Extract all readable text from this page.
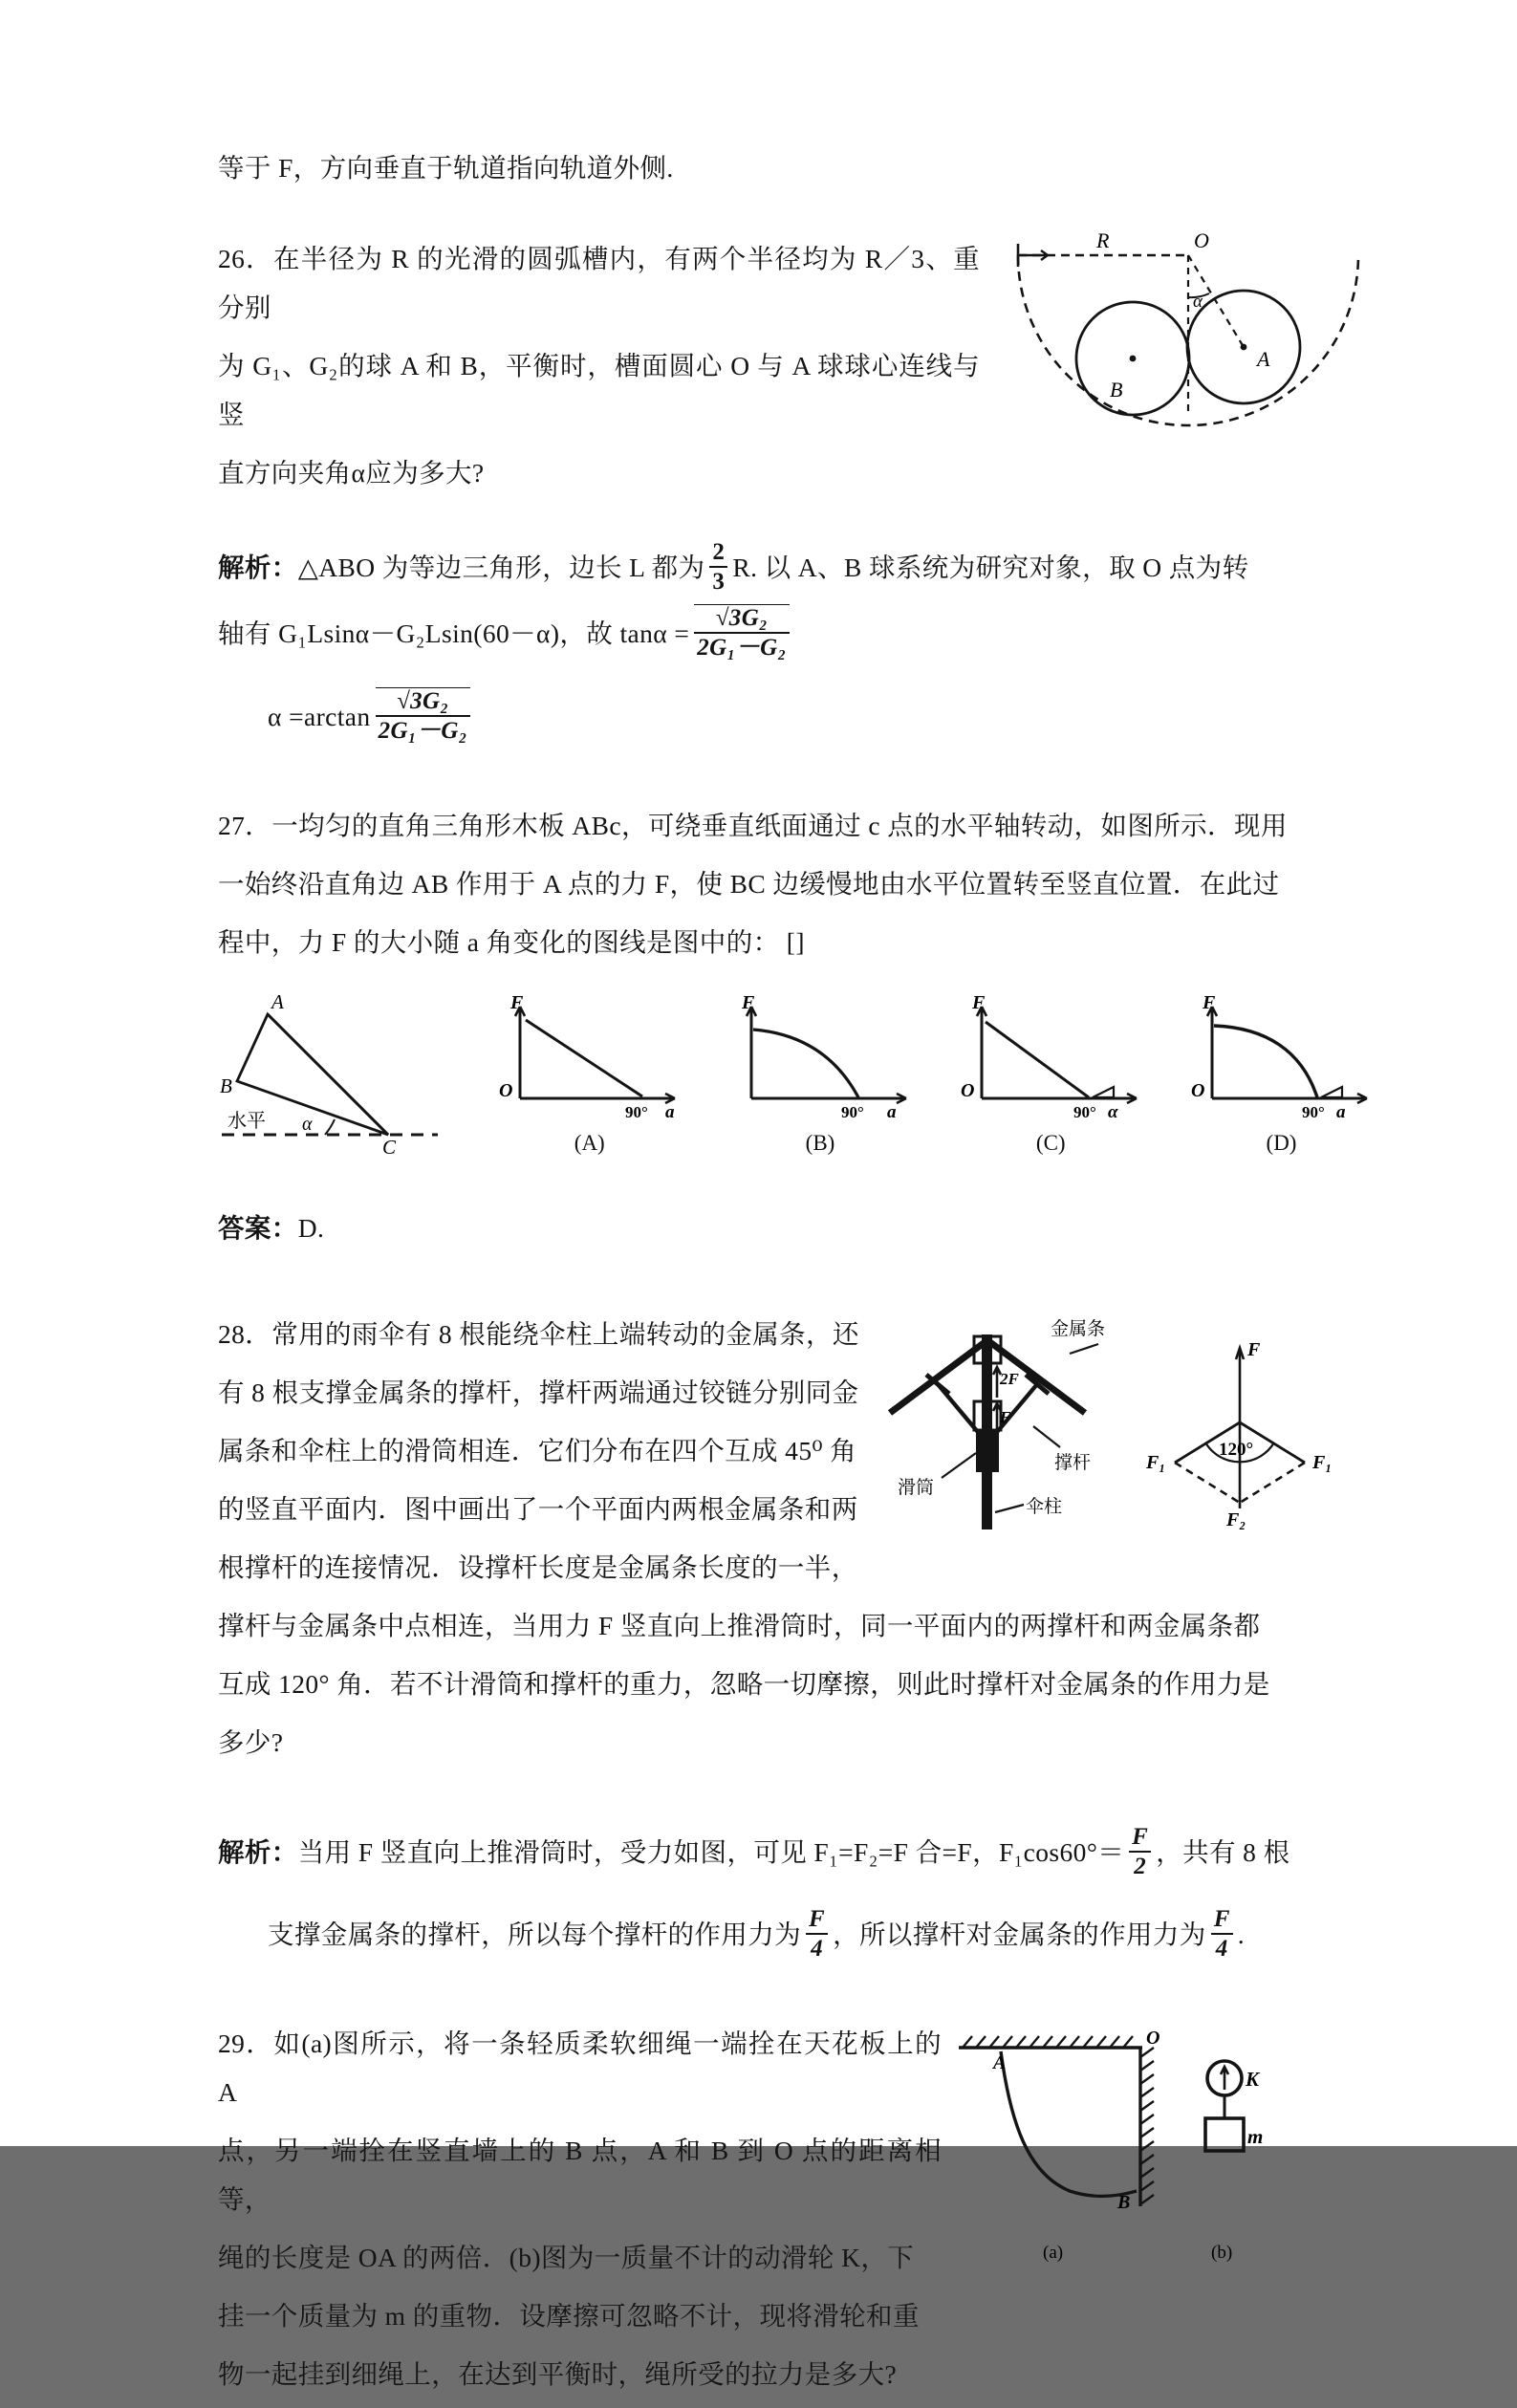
等于 F，方向垂直于轨道指向轨道外侧.

R	O
α
A
B

26．在半径为 R 的光滑的圆弧槽内，有两个半径均为 R／3、重分别

为 G₁、G₂的球 A 和 B，平衡时，槽面圆心 O 与 A 球球心连线与竖

直方向夹角α应为多大?

解析：△ABO 为等边三角形，边长 L 都为 $\frac{2}{3} R$. 以 A、B 球系统为研究对象，取 O 点为转

轴有 G₁Lsinα－G₂Lsin(60－α)，故 $\tan\alpha = \frac{\text{√3G₂}}{\text{2G₁－G₂}}$

$\alpha =\arctan \frac{\text{√3G₂}}{\text{2G₁－G₂}}$

27．一均匀的直角三角形木板 ABc，可绕垂直纸面通过 c 点的水平轴转动，如图所示．现用

一始终沿直角边 AB 作用于 A 点的力 F，使 BC 边缓慢地由水平位置转至竖直位置．在此过

程中，力 F 的大小随 a 角变化的图线是图中的： []

A
B
C
α
水平
F
O
90° a
(A)
F
90° a
(B)
F
O
90° α
(C)
F
O
90° a
(D)

答案：D.

2F
F
金属条
撑杆
滑筒
伞柱
F
120°
F₁	F₁
F₂

28．常用的雨伞有 8 根能绕伞柱上端转动的金属条，还

有 8 根支撑金属条的撑杆，撑杆两端通过铰链分别同金

属条和伞柱上的滑筒相连．它们分布在四个互成 45⁰ 角

的竖直平面内．图中画出了一个平面内两根金属条和两

根撑杆的连接情况．设撑杆长度是金属条长度的一半，

撑杆与金属条中点相连，当用力 F 竖直向上推滑筒时，同一平面内的两撑杆和两金属条都

互成 120° 角．若不计滑筒和撑杆的重力，忽略一切摩擦，则此时撑杆对金属条的作用力是

多少?

解析：当用 F 竖直向上推滑筒时，受力如图，可见 F₁=F₂=F 合=F，$F_1\cos 60^\circ= \frac{F}{2}$ ，共有 8 根

支撑金属条的撑杆，所以每个撑杆的作用力为 $\frac{F}{4}$ ，所以撑杆对金属条的作用力为 $\frac{F}{4}$ .

A
B
O
(a)
K
m
(b)

29．如(a)图所示，将一条轻质柔软细绳一端拴在天花板上的 A

点，另一端拴在竖直墙上的 B 点，A 和 B 到 O 点的距离相等，

绳的长度是 OA 的两倍．(b)图为一质量不计的动滑轮 K，下

挂一个质量为 m 的重物．设摩擦可忽略不计，现将滑轮和重

物一起挂到细绳上，在达到平衡时，绳所受的拉力是多大?
